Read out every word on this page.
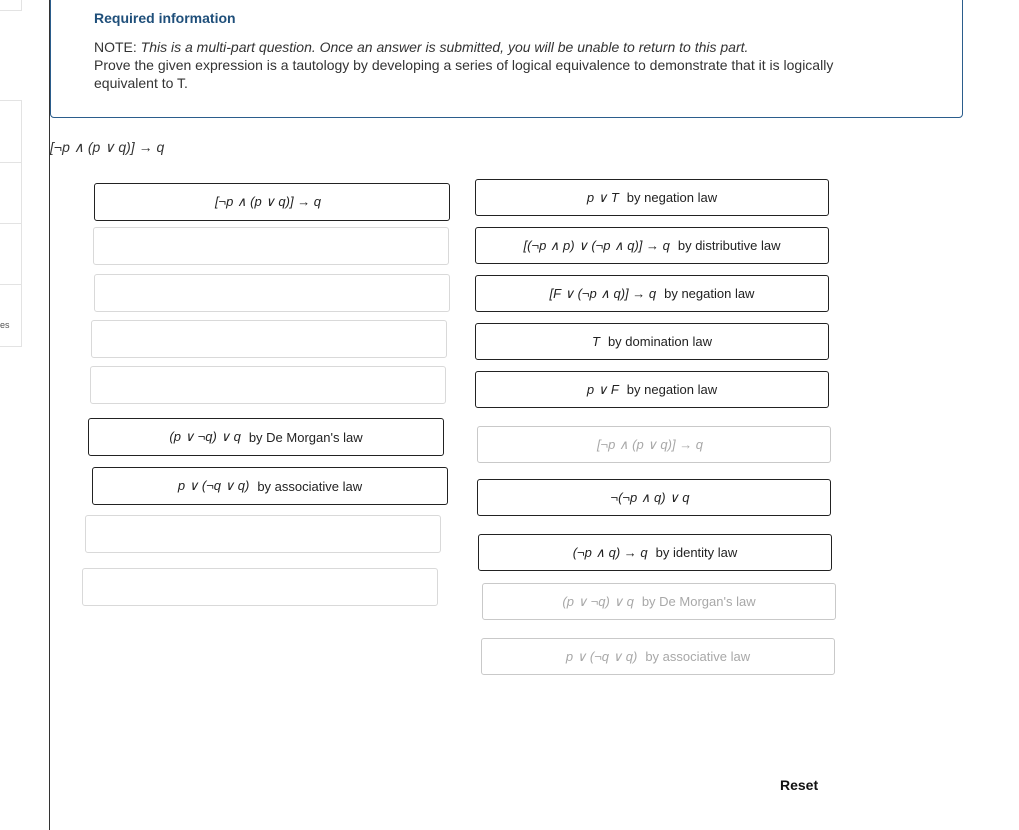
es
Required information
NOTE: This is a multi-part question. Once an answer is submitted, you will be unable to return to this part.
Prove the given expression is a tautology by developing a series of logical equivalence to demonstrate that it is logically equivalent to T.
[¬p ∧ (p ∨ q)] → q
[¬p ∧ (p ∨ q)] → q
(p ∨ ¬q) ∨ q by De Morgan's law
p ∨ (¬q ∨ q) by associative law
p ∨ T by negation law
[(¬p ∧ p) ∨ (¬p ∧ q)] → q by distributive law
[F ∨ (¬p ∧ q)] → q by negation law
T by domination law
p ∨ F by negation law
[¬p ∧ (p ∨ q)] → q
¬(¬p ∧ q) ∨ q
(¬p ∧ q) → q by identity law
(p ∨ ¬q) ∨ q by De Morgan's law
p ∨ (¬q ∨ q) by associative law
Reset
